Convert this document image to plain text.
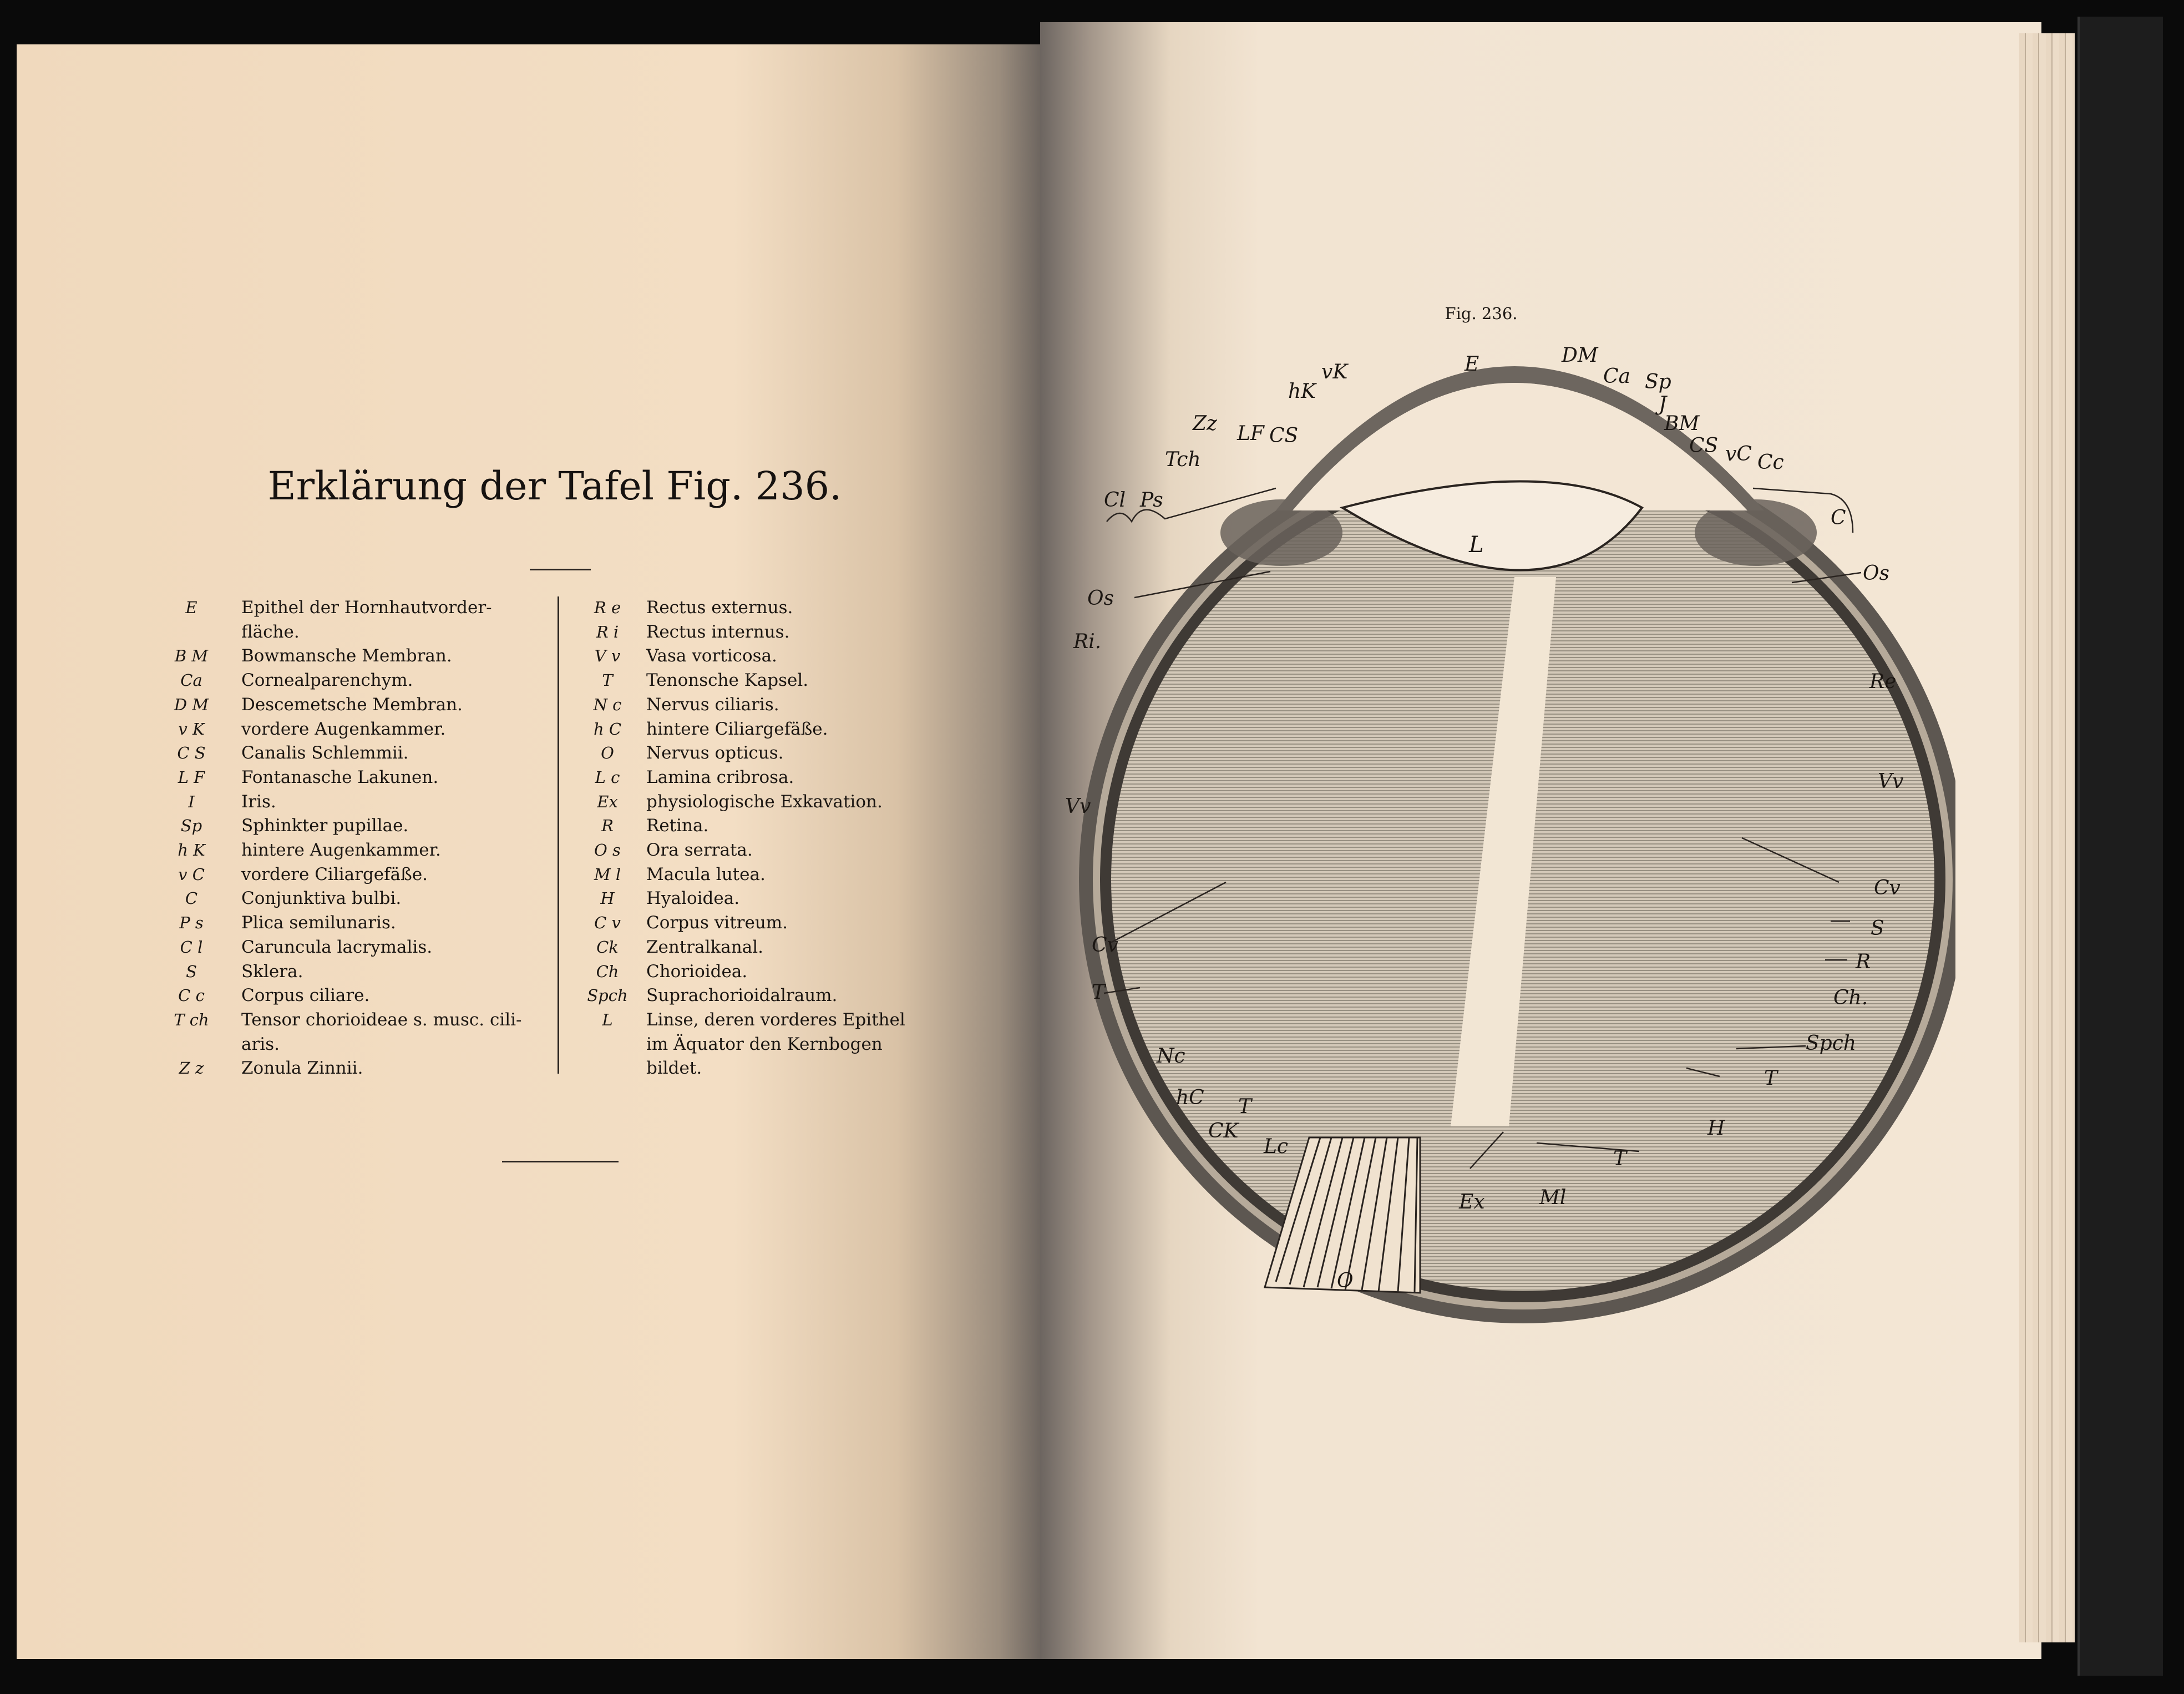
Erklärung der Tafel Fig. 236.
E	Epithel der Hornhautvorder-
fläche.
B M	Bowmansche Membran.
Ca	Cornealparenchym.
D M	Descemetsche Membran.
v K	vordere Augenkammer.
C S	Canalis Schlemmii.
L F	Fontanasche Lakunen.
I	Iris.
Sp	Sphinkter pupillae.
h K	hintere Augenkammer.
v C	vordere Ciliargefäße.
C	Conjunktiva bulbi.
P s	Plica semilunaris.
C l	Caruncula lacrymalis.
S	Sklera.
C c	Corpus ciliare.
T ch	Tensor chorioideae s. musc. cili-
aris.
Z z	Zonula Zinnii.
R e	Rectus externus.
R i	Rectus internus.
V v	Vasa vorticosa.
T	Tenonsche Kapsel.
N c	Nervus ciliaris.
h C	hintere Ciliargefäße.
O	Nervus opticus.
L c	Lamina cribrosa.
Ex	physiologische Exkavation.
R	Retina.
O s	Ora serrata.
M l	Macula lutea.
H	Hyaloidea.
C v	Corpus vitreum.
Ck	Zentralkanal.
Ch	Chorioidea.
Spch	Suprachorioidalraum.
L	Linse, deren vorderes Epithel
im Äquator den Kernbogen
bildet.
Fig. 236.
E	DM
Ca Sp
J
BM
CS vC Cc
C
hK
vK
Zz LF CS
Tch
Cl Ps
L
Os
Os
Ri.
Re
Vv
Vv
Cv
Cv
S
R
Ch.
Spch
T
T
T
T
Nc
hC
CK
Lc
Ex	Ml
H
O
